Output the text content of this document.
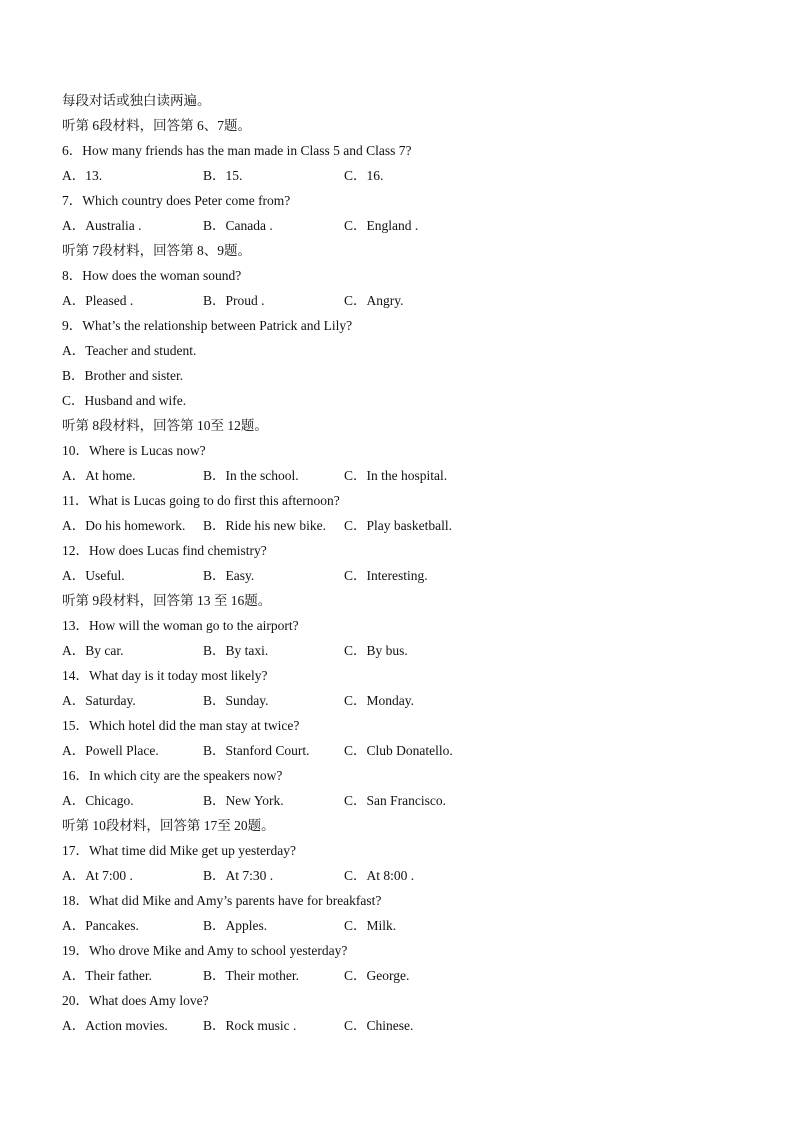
每段对话或独白读两遍。
听第 6段材料，回答第 6、7题。
6．How many friends has the man made in Class 5 and Class 7?
A．13.	B．15.	C．16.
7．Which country does Peter come from?
A．Australia .	B．Canada .	C．England .
听第 7段材料，回答第 8、9题。
8．How does the woman sound?
A．Pleased .	B．Proud .	C．Angry.
9．What’s the relationship between Patrick and Lily?
A．Teacher and student.
B．Brother and sister.
C．Husband and wife.
听第 8段材料，回答第 10至 12题。
10．Where is Lucas now?
A．At home.	B．In the school.	C．In the hospital.
11．What is Lucas going to do first this afternoon?
A．Do his homework. B．Ride his new bike. C．Play basketball.
12．How does Lucas find chemistry?
A．Useful.	B．Easy.	C．Interesting.
听第 9段材料，回答第 13 至 16题。
13．How will the woman go to the airport?
A．By car.	B．By taxi.	C．By bus.
14．What day is it today most likely?
A．Saturday.	B．Sunday.	C．Monday.
15．Which hotel did the man stay at twice?
A．Powell Place.	B．Stanford Court.	C．Club Donatello.
16．In which city are the speakers now?
A．Chicago.	B．New York.	C．San Francisco.
听第 10段材料，回答第 17至 20题。
17．What time did Mike get up yesterday?
A．At 7:00 .	B．At 7:30 .	C．At 8:00 .
18．What did Mike and Amy’s parents have for breakfast?
A．Pancakes.	B．Apples.	C．Milk.
19．Who drove Mike and Amy to school yesterday?
A．Their father.	B．Their mother.	C．George.
20．What does Amy love?
A．Action movies.	B．Rock music .	C．Chinese.
